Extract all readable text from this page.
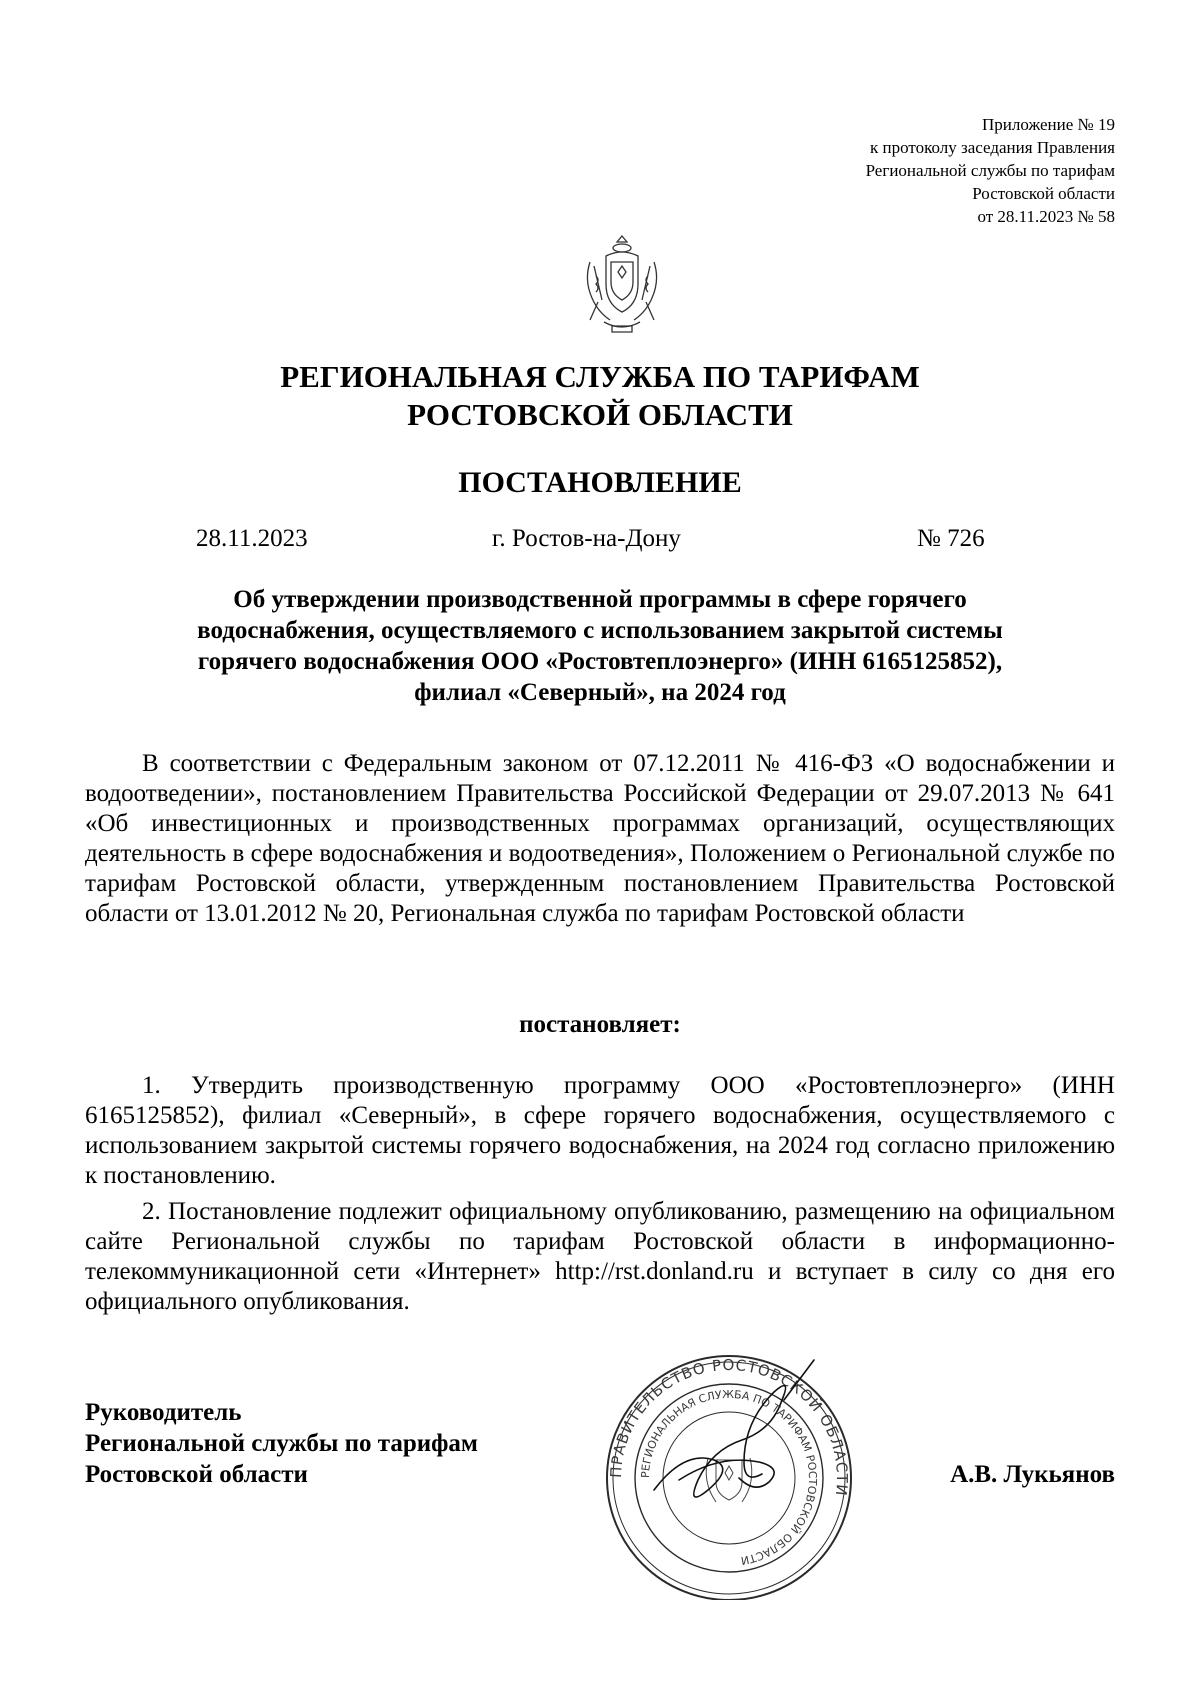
Приложение № 19
к протоколу заседания Правления
Региональной службы по тарифам
Ростовской области
от 28.11.2023 № 58
РЕГИОНАЛЬНАЯ СЛУЖБА ПО ТАРИФАМ
РОСТОВСКОЙ ОБЛАСТИ
ПОСТАНОВЛЕНИЕ
28.11.2023	г. Ростов-на-Дону	№ 726
Об утверждении производственной программы в сфере горячего
водоснабжения, осуществляемого с использованием закрытой системы
горячего водоснабжения ООО «Ростовтеплоэнерго» (ИНН 6165125852),
филиал «Северный», на 2024 год

В соответствии с Федеральным законом от 07.12.2011 № 416-ФЗ «О водоснабжении и водоотведении», постановлением Правительства Российской Федерации от 29.07.2013 № 641 «Об инвестиционных и производственных программах организаций, осуществляющих деятельность в сфере водоснабжения и водоотведения», Положением о Региональной службе по тарифам Ростовской области, утвержденным постановлением Правительства Ростовской области от 13.01.2012 № 20, Региональная служба по тарифам Ростовской области

постановляет:

1. Утвердить производственную программу ООО «Ростовтеплоэнерго» (ИНН 6165125852), филиал «Северный», в сфере горячего водоснабжения, осуществляемого с использованием закрытой системы горячего водоснабжения, на 2024 год согласно приложению к постановлению.

2. Постановление подлежит официальному опубликованию, размещению на официальном сайте Региональной службы по тарифам Ростовской области в информационно-телекоммуникационной сети «Интернет» http://rst.donland.ru и вступает в силу со дня его официального опубликования.

Руководитель
Региональной службы по тарифам
Ростовской области	А.В. Лукьянов
ПРАВИТЕЛЬСТВО РОСТОВСКОЙ ОБЛАСТИ
РЕГИОНАЛЬНАЯ СЛУЖБА ПО ТАРИФАМ РОСТОВСКОЙ ОБЛАСТИ
